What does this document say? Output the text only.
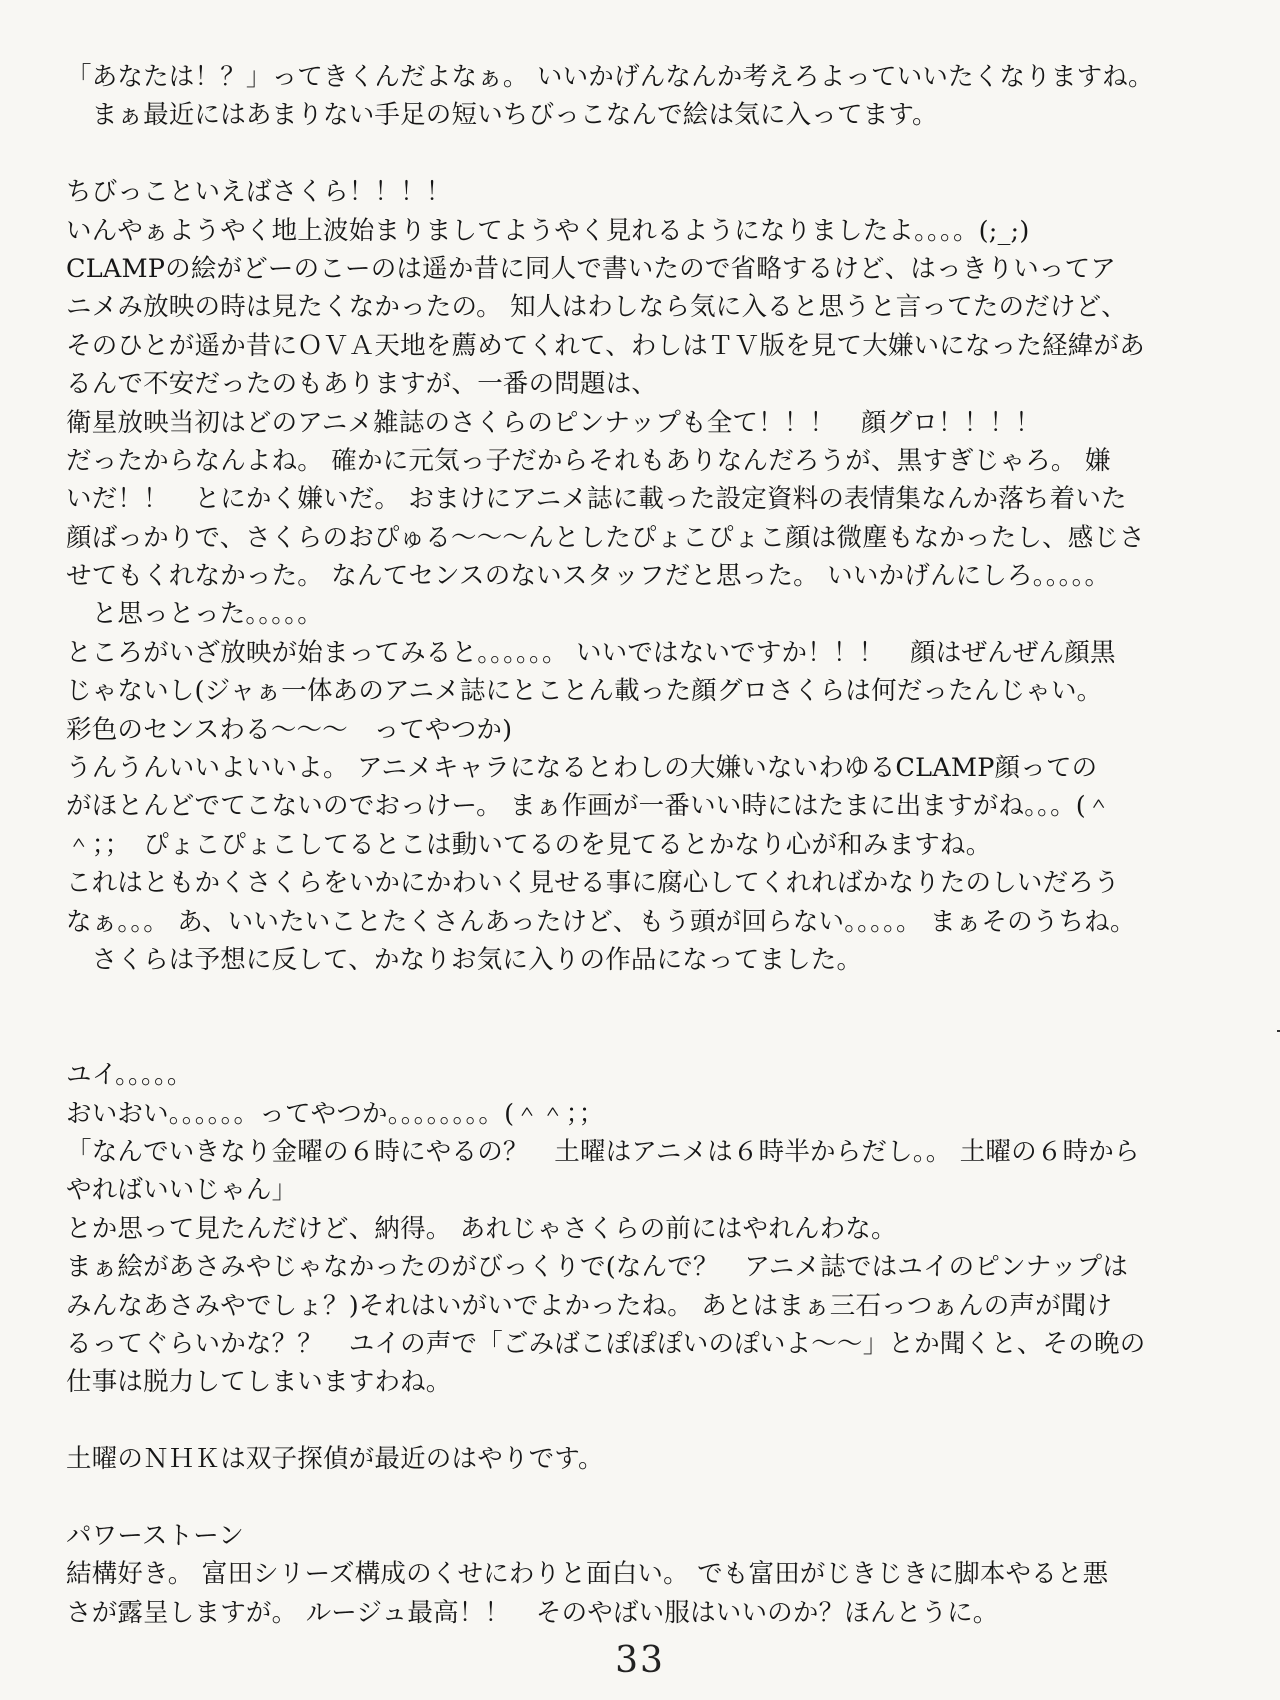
「あなたは！？」ってきくんだよなぁ。 いいかげんなんか考えろよっていいたくなりますね。
　まぁ最近にはあまりない手足の短いちびっこなんで絵は気に入ってます。
ちびっこといえばさくら！！！！
いんやぁようやく地上波始まりましてようやく見れるようになりましたよ。。。。(;_;)
CLAMPの絵がどーのこーのは遥か昔に同人で書いたので省略するけど、はっきりいってア
ニメみ放映の時は見たくなかったの。 知人はわしなら気に入ると思うと言ってたのだけど、
そのひとが遥か昔にＯＶＡ天地を薦めてくれて、わしはＴＶ版を見て大嫌いになった経緯があ
るんで不安だったのもありますが、一番の問題は、
衛星放映当初はどのアニメ雑誌のさくらのピンナップも全て！！！　顔グロ！！！！
だったからなんよね。 確かに元気っ子だからそれもありなんだろうが、黒すぎじゃろ。 嫌
いだ！！　とにかく嫌いだ。 おまけにアニメ誌に載った設定資料の表情集なんか落ち着いた
顔ばっかりで、さくらのおぴゅる〜〜〜んとしたぴょこぴょこ顔は微塵もなかったし、感じさ
せてもくれなかった。 なんてセンスのないスタッフだと思った。 いいかげんにしろ。。。。。
　と思っとった。。。。。
ところがいざ放映が始まってみると。。。。。。 いいではないですか！！！　顔はぜんぜん顔黒
じゃないし(ジャぁ一体あのアニメ誌にとことん載った顔グロさくらは何だったんじゃい。
彩色のセンスわる〜〜〜　ってやつか)
うんうんいいよいいよ。 アニメキャラになるとわしの大嫌いないわゆるCLAMP顔っての
がほとんどでてこないのでおっけー。 まぁ作画が一番いい時にはたまに出ますがね。。。(＾
＾；；　ぴょこぴょこしてるとこは動いてるのを見てるとかなり心が和みますね。
これはともかくさくらをいかにかわいく見せる事に腐心してくれればかなりたのしいだろう
なぁ。。。 あ、いいたいことたくさんあったけど、もう頭が回らない。。。。。 まぁそのうちね。
　さくらは予想に反して、かなりお気に入りの作品になってました。
ユイ。。。。。
おいおい。。。。。。ってやつか。。。。。。。。(＾＾；；
「なんでいきなり金曜の６時にやるの？　土曜はアニメは６時半からだし。。 土曜の６時から
やればいいじゃん」
とか思って見たんだけど、納得。 あれじゃさくらの前にはやれんわな。
まぁ絵があさみやじゃなかったのがびっくりで(なんで？　アニメ誌ではユイのピンナップは
みんなあさみやでしょ？)それはいがいでよかったね。 あとはまぁ三石っつぁんの声が聞け
るってぐらいかな？？　ユイの声で「ごみばこぽぽぽいのぽいよ〜〜」とか聞くと、その晩の
仕事は脱力してしまいますわね。
土曜のＮＨＫは双子探偵が最近のはやりです。
パワーストーン
結構好き。 富田シリーズ構成のくせにわりと面白い。 でも富田がじきじきに脚本やると悪
さが露呈しますが。 ルージュ最高！！　そのやばい服はいいのか？ほんとうに。
33
